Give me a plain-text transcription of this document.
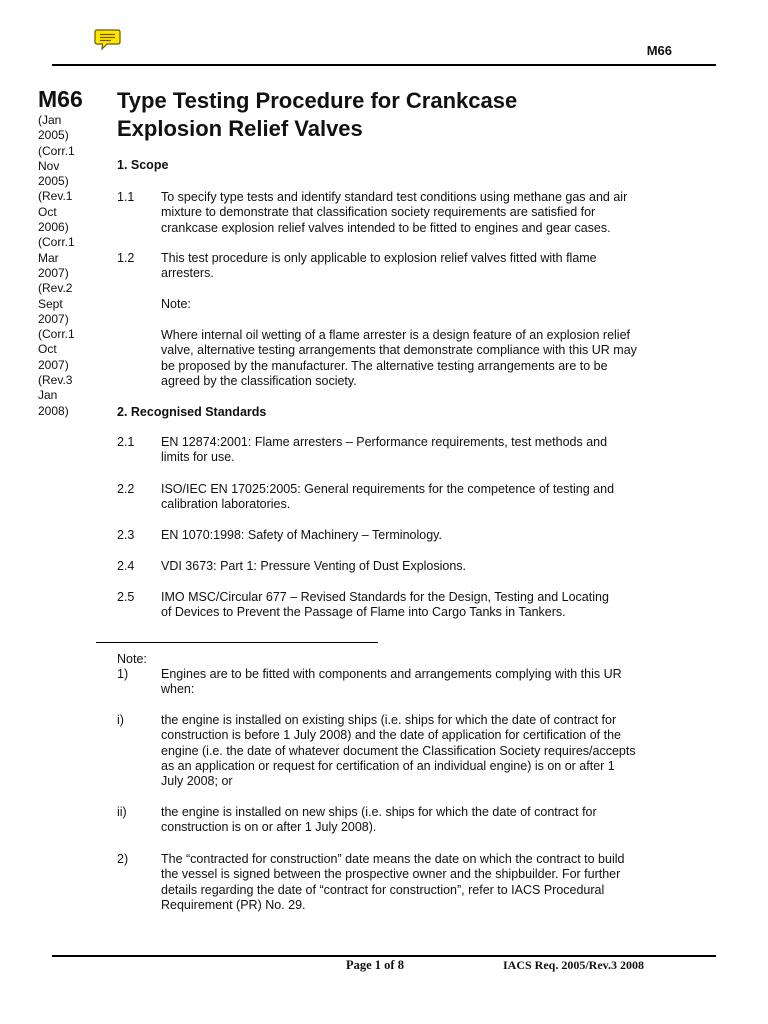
M66
M66
(Jan
2005)
(Corr.1
Nov
2005)
(Rev.1
Oct
2006)
(Corr.1
Mar
2007)
(Rev.2
Sept
2007)
(Corr.1
Oct
2007)
(Rev.3
Jan
2008)
Type Testing Procedure for Crankcase
Explosion Relief Valves
1. Scope
1.1 To specify type tests and identify standard test conditions using methane gas and air
mixture to demonstrate that classification society requirements are satisfied for
crankcase explosion relief valves intended to be fitted to engines and gear cases.
1.2 This test procedure is only applicable to explosion relief valves fitted with flame
arresters.
Note:
Where internal oil wetting of a flame arrester is a design feature of an explosion relief
valve, alternative testing arrangements that demonstrate compliance with this UR may
be proposed by the manufacturer. The alternative testing arrangements are to be
agreed by the classification society.
2. Recognised Standards
2.1 EN 12874:2001: Flame arresters – Performance requirements, test methods and
limits for use.
2.2 ISO/IEC EN 17025:2005: General requirements for the competence of testing and
calibration laboratories.
2.3 EN 1070:1998: Safety of Machinery – Terminology.
2.4 VDI 3673: Part 1: Pressure Venting of Dust Explosions.
2.5 IMO MSC/Circular 677 – Revised Standards for the Design, Testing and Locating
of Devices to Prevent the Passage of Flame into Cargo Tanks in Tankers.
Note:
1)	Engines are to be fitted with components and arrangements complying with this UR
when:
i)	the engine is installed on existing ships (i.e. ships for which the date of contract for
construction is before 1 July 2008) and the date of application for certification of the
engine (i.e. the date of whatever document the Classification Society requires/accepts
as an application or request for certification of an individual engine) is on or after 1
July 2008; or
ii)	the engine is installed on new ships (i.e. ships for which the date of contract for
construction is on or after 1 July 2008).
2)	The “contracted for construction” date means the date on which the contract to build
the vessel is signed between the prospective owner and the shipbuilder. For further
details regarding the date of “contract for construction”, refer to IACS Procedural
Requirement (PR) No. 29.
Page 1 of 8	IACS Req. 2005/Rev.3 2008
